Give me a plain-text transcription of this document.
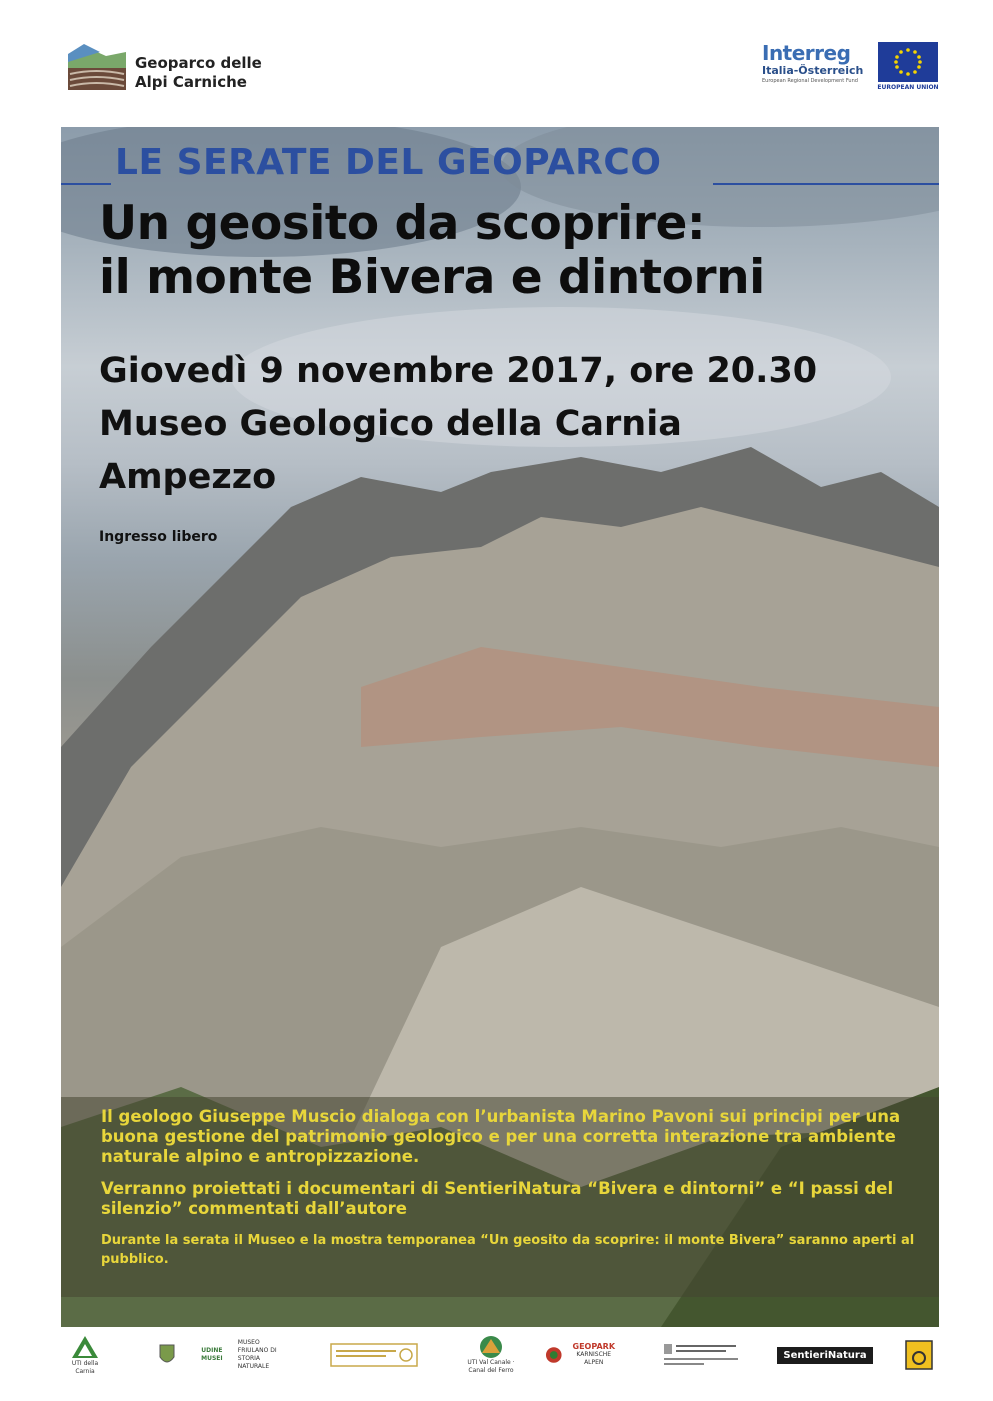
Geoparco delle
Alpi Carniche
Interreg
Italia-Österreich
European Regional Development Fund
EUROPEAN UNION
LE SERATE DEL GEOPARCO
Un geosito da scoprire:
il monte Bivera e dintorni
Giovedì 9 novembre 2017, ore 20.30
Museo Geologico della Carnia
Ampezzo
Ingresso libero

Il geologo Giuseppe Muscio dialoga con l’urbanista Marino Pavoni sui principi per una buona gestione del patrimonio geologico e per una corretta interazione tra ambiente naturale alpino e antropizzazione.

Verranno proiettati i documentari di SentieriNatura “Bivera e dintorni” e “I passi del silenzio” commentati dall’autore

Durante la serata il Museo e la mostra temporanea “Un geosito da scoprire: il monte Bivera” saranno aperti al pubblico.

UTI della Carnia
UDINE MUSEI
MUSEO FRIULANO DI STORIA NATURALE
UTI Val Canale · Canal del Ferro
GEOPARK
KARNISCHE ALPEN
SentieriNatura
